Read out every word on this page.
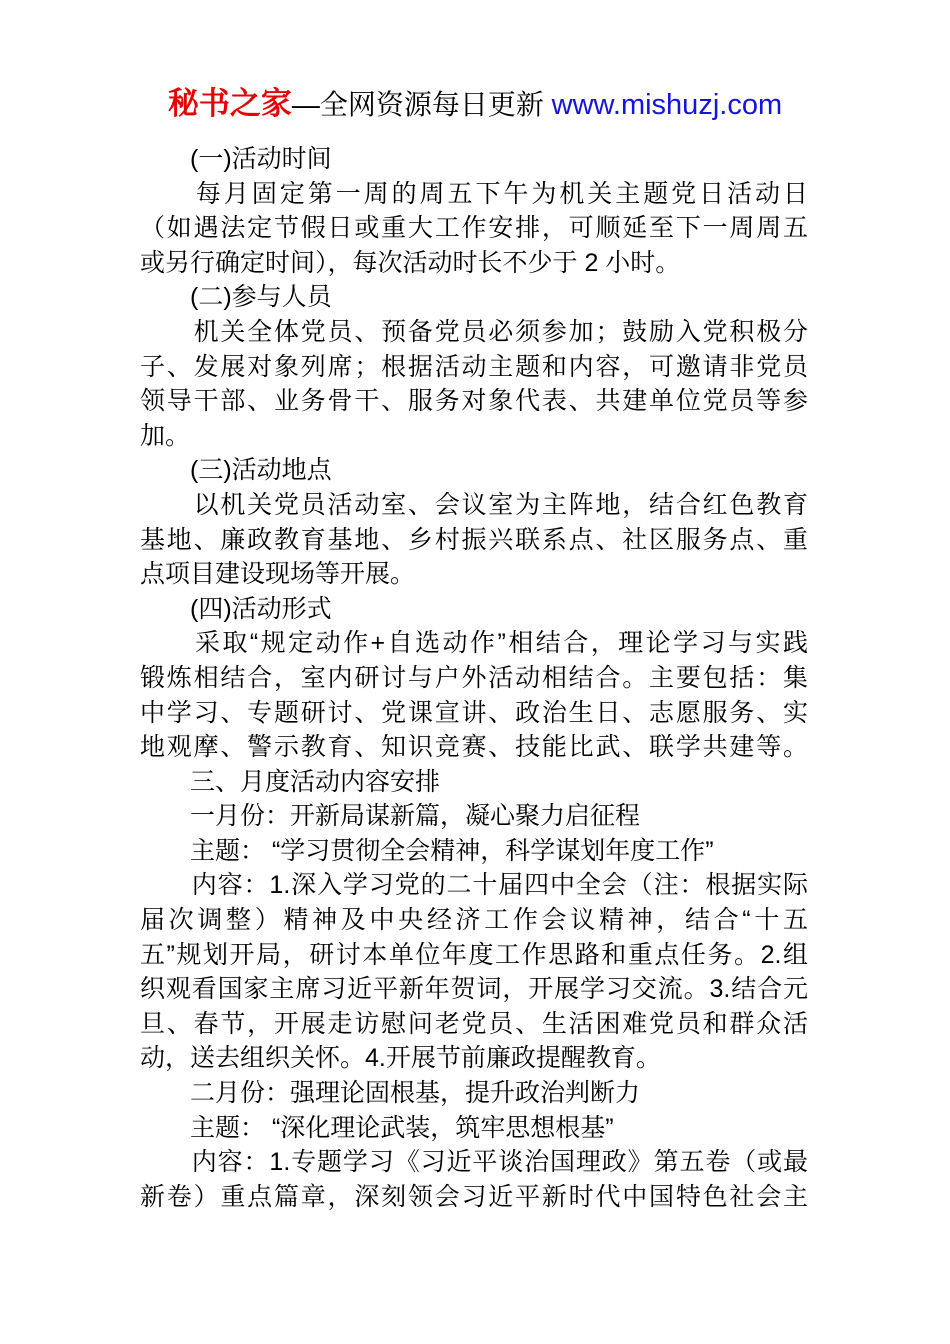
秘书之家—全网资源每日更新 www.mishuzj.com
　　(一)活动时间
　　每月固定第一周的周五下午为机关主题党日活动日
（如遇法定节假日或重大工作安排，可顺延至下一周周五
或另行确定时间），每次活动时长不少于 2 小时。
　　(二)参与人员
　　机关全体党员、预备党员必须参加；鼓励入党积极分
子、发展对象列席；根据活动主题和内容，可邀请非党员
领导干部、业务骨干、服务对象代表、共建单位党员等参
加。
　　(三)活动地点
　　以机关党员活动室、会议室为主阵地，结合红色教育
基地、廉政教育基地、乡村振兴联系点、社区服务点、重
点项目建设现场等开展。
　　(四)活动形式
　　采取“规定动作+自选动作”相结合，理论学习与实践
锻炼相结合，室内研讨与户外活动相结合。主要包括：集
中学习、专题研讨、党课宣讲、政治生日、志愿服务、实
地观摩、警示教育、知识竞赛、技能比武、联学共建等。
　　三、月度活动内容安排
　　一月份：开新局谋新篇，凝心聚力启征程
　　主题： “学习贯彻全会精神，科学谋划年度工作”
　　内容：1.深入学习党的二十届四中全会（注：根据实际
届次调整）精神及中央经济工作会议精神，结合“十五
五”规划开局，研讨本单位年度工作思路和重点任务。2.组
织观看国家主席习近平新年贺词，开展学习交流。3.结合元
旦、春节，开展走访慰问老党员、生活困难党员和群众活
动，送去组织关怀。4.开展节前廉政提醒教育。
　　二月份：强理论固根基，提升政治判断力
　　主题： “深化理论武装，筑牢思想根基”
　　内容：1.专题学习《习近平谈治国理政》第五卷（或最
新卷）重点篇章，深刻领会习近平新时代中国特色社会主
